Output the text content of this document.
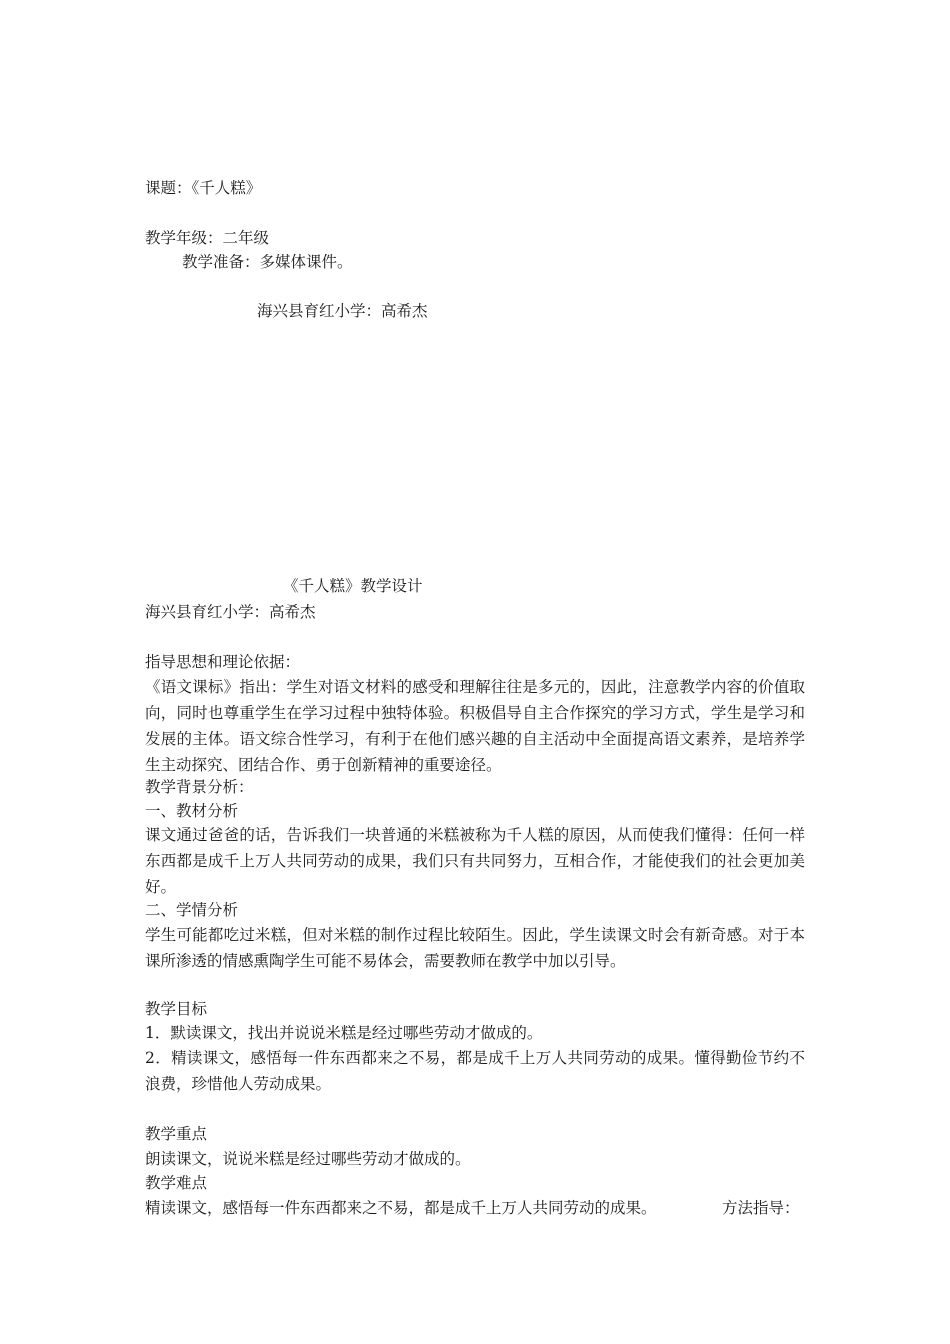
课题：《千人糕》
教学年级：二年级
教学准备：多媒体课件。
海兴县育红小学：高希杰
《千人糕》教学设计
海兴县育红小学：高希杰
指导思想和理论依据：
《语文课标》指出：学生对语文材料的感受和理解往往是多元的，因此，注意教学内容的价值取向，同时也尊重学生在学习过程中独特体验。积极倡导自主合作探究的学习方式，学生是学习和发展的主体。语文综合性学习，有利于在他们感兴趣的自主活动中全面提高语文素养，是培养学生主动探究、团结合作、勇于创新精神的重要途径。
教学背景分析：
一、教材分析
课文通过爸爸的话，告诉我们一块普通的米糕被称为千人糕的原因，从而使我们懂得：任何一样东西都是成千上万人共同劳动的成果，我们只有共同努力，互相合作，才能使我们的社会更加美好。
二、学情分析
学生可能都吃过米糕，但对米糕的制作过程比较陌生。因此，学生读课文时会有新奇感。对于本课所渗透的情感熏陶学生可能不易体会，需要教师在教学中加以引导。
教学目标
1．默读课文，找出并说说米糕是经过哪些劳动才做成的。
2．精读课文，感悟每一件东西都来之不易，都是成千上万人共同劳动的成果。懂得勤俭节约不浪费，珍惜他人劳动成果。
教学重点
朗读课文，说说米糕是经过哪些劳动才做成的。
教学难点
精读课文，感悟每一件东西都来之不易，都是成千上万人共同劳动的成果。	方法指导：
